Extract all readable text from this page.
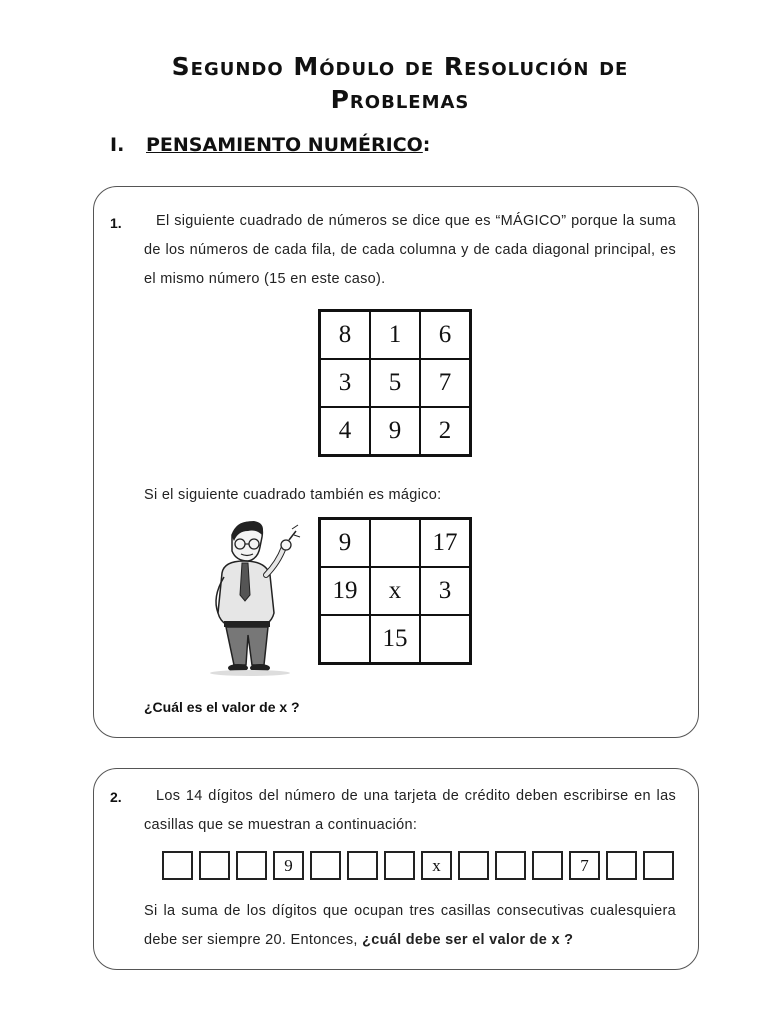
Segundo Módulo de Resolución de
Problemas
I. PENSAMIENTO NUMÉRICO:
1.	El siguiente cuadrado de números se dice que es “MÁGICO” porque la suma de los números de cada fila, de cada columna y de cada diagonal principal, es el mismo número (15 en este caso).
8	1	6
3	5	7
4	9	2
Si el siguiente cuadrado también es mágico:
9		17
19	x	3
	15	
¿Cuál es el valor de x ?
2.	Los 14 dígitos del número de una tarjeta de crédito deben escribirse en las casillas que se muestran a continuación:
9	x	7
Si la suma de los dígitos que ocupan tres casillas consecutivas cualesquiera debe ser siempre 20. Entonces, ¿cuál debe ser el valor de x ?
